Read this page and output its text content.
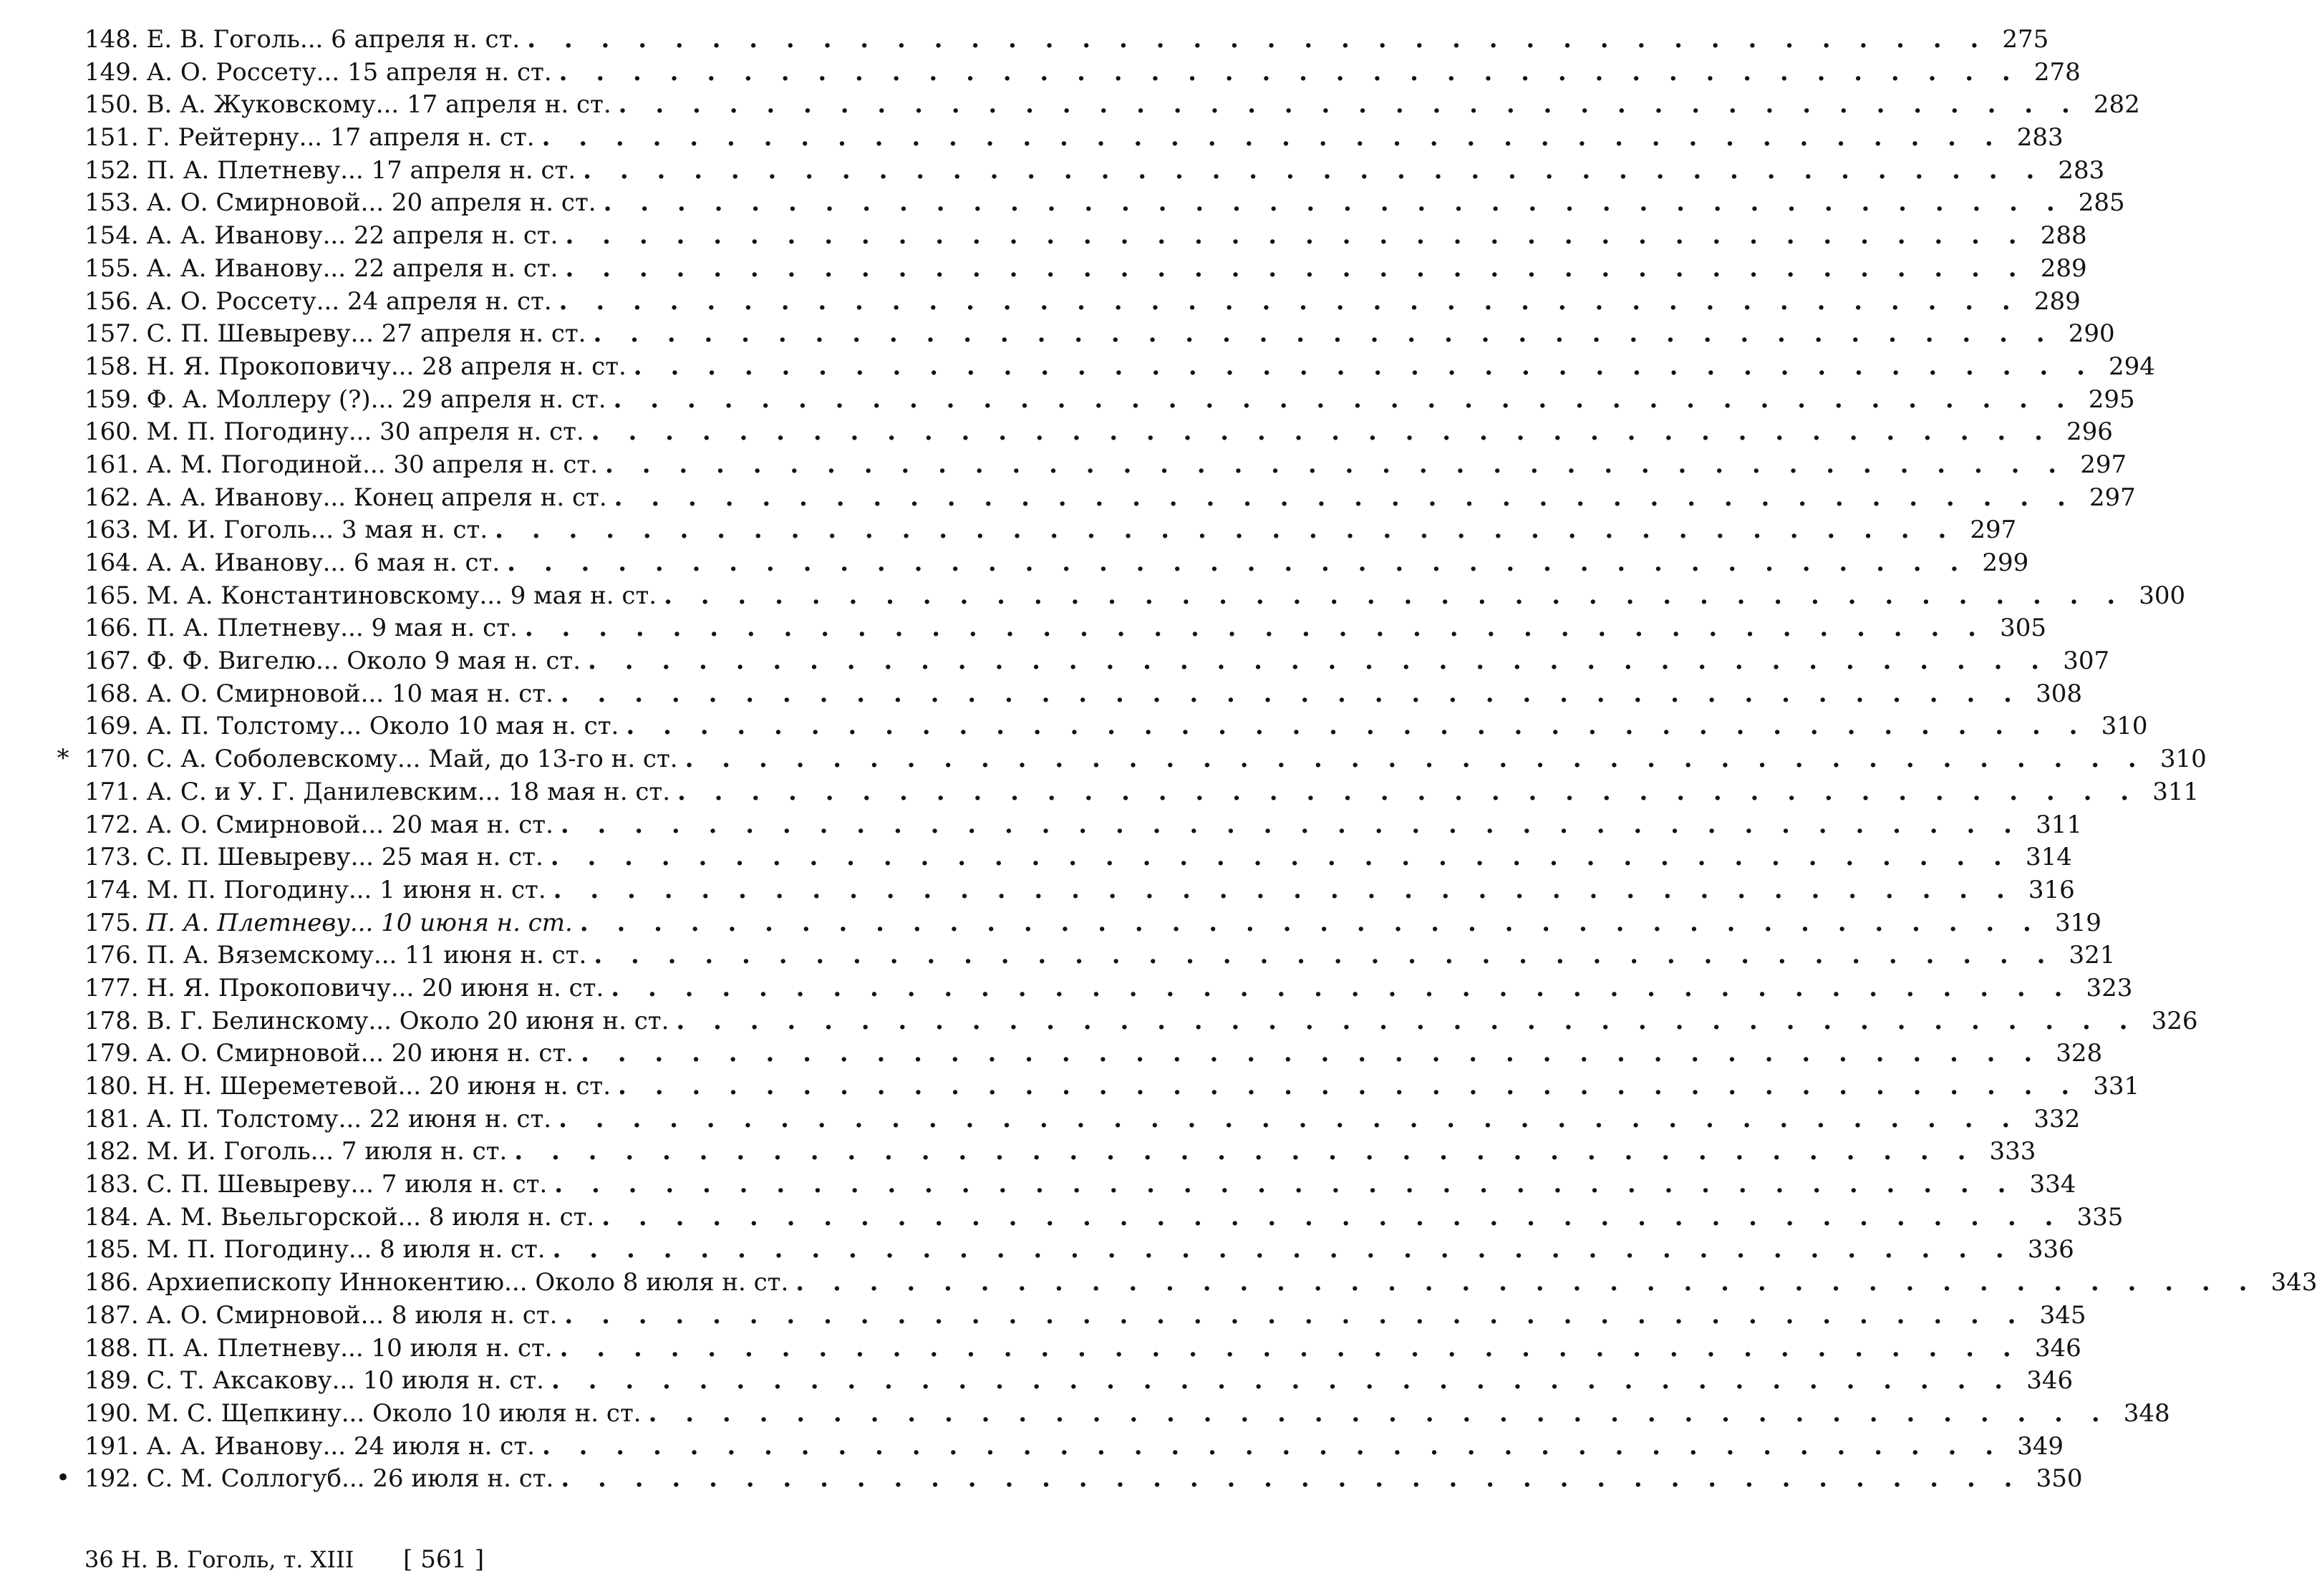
148.
Е. В. Гоголь... 6 апреля н. ст. . . . . . . . . . . . . . . . . . . . . . . . . . . . . . . . . . . . . . . . . 275
149.
А. О. Россету... 15 апреля н. ст. . . . . . . . . . . . . . . . . . . . . . . . . . . . . . . . . . . . . . . . . 278
150.
В. А. Жуковскому... 17 апреля н. ст. . . . . . . . . . . . . . . . . . . . . . . . . . . . . . . . . . . . . . . . . 282
151.
Г. Рейтерну... 17 апреля н. ст. . . . . . . . . . . . . . . . . . . . . . . . . . . . . . . . . . . . . . . . . 283
152.
П. А. Плетневу... 17 апреля н. ст. . . . . . . . . . . . . . . . . . . . . . . . . . . . . . . . . . . . . . . . . 283
153.
А. О. Смирновой... 20 апреля н. ст. . . . . . . . . . . . . . . . . . . . . . . . . . . . . . . . . . . . . . . . . 285
154.
А. А. Иванову... 22 апреля н. ст. . . . . . . . . . . . . . . . . . . . . . . . . . . . . . . . . . . . . . . . . 288
155.
А. А. Иванову... 22 апреля н. ст. . . . . . . . . . . . . . . . . . . . . . . . . . . . . . . . . . . . . . . . . 289
156.
А. О. Россету... 24 апреля н. ст. . . . . . . . . . . . . . . . . . . . . . . . . . . . . . . . . . . . . . . . . 289
157.
С. П. Шевыреву... 27 апреля н. ст. . . . . . . . . . . . . . . . . . . . . . . . . . . . . . . . . . . . . . . . . 290
158.
Н. Я. Прокоповичу... 28 апреля н. ст. . . . . . . . . . . . . . . . . . . . . . . . . . . . . . . . . . . . . . . . . 294
159.
Ф. А. Моллеру (?)... 29 апреля н. ст. . . . . . . . . . . . . . . . . . . . . . . . . . . . . . . . . . . . . . . . . 295
160.
М. П. Погодину... 30 апреля н. ст. . . . . . . . . . . . . . . . . . . . . . . . . . . . . . . . . . . . . . . . . 296
161.
А. М. Погодиной... 30 апреля н. ст. . . . . . . . . . . . . . . . . . . . . . . . . . . . . . . . . . . . . . . . . 297
162.
А. А. Иванову... Конец апреля н. ст. . . . . . . . . . . . . . . . . . . . . . . . . . . . . . . . . . . . . . . . . 297
163.
М. И. Гоголь... 3 мая н. ст. . . . . . . . . . . . . . . . . . . . . . . . . . . . . . . . . . . . . . . . . 297
164.
А. А. Иванову... 6 мая н. ст. . . . . . . . . . . . . . . . . . . . . . . . . . . . . . . . . . . . . . . . . 299
165.
М. А. Константиновскому... 9 мая н. ст. . . . . . . . . . . . . . . . . . . . . . . . . . . . . . . . . . . . . . . . . 300
166.
П. А. Плетневу... 9 мая н. ст. . . . . . . . . . . . . . . . . . . . . . . . . . . . . . . . . . . . . . . . . 305
167.
Ф. Ф. Вигелю... Около 9 мая н. ст. . . . . . . . . . . . . . . . . . . . . . . . . . . . . . . . . . . . . . . . . 307
168.
А. О. Смирновой... 10 мая н. ст. . . . . . . . . . . . . . . . . . . . . . . . . . . . . . . . . . . . . . . . . 308
169.
А. П. Толстому... Около 10 мая н. ст. . . . . . . . . . . . . . . . . . . . . . . . . . . . . . . . . . . . . . . . . 310
* 170.
С. А. Соболевскому... Май, до 13-го н. ст. . . . . . . . . . . . . . . . . . . . . . . . . . . . . . . . . . . . . . . . . 310
171.
А. С. и У. Г. Данилевским... 18 мая н. ст. . . . . . . . . . . . . . . . . . . . . . . . . . . . . . . . . . . . . . . . . 311
172.
А. О. Смирновой... 20 мая н. ст. . . . . . . . . . . . . . . . . . . . . . . . . . . . . . . . . . . . . . . . . 311
173.
С. П. Шевыреву... 25 мая н. ст. . . . . . . . . . . . . . . . . . . . . . . . . . . . . . . . . . . . . . . . . 314
174.
М. П. Погодину... 1 июня н. ст. . . . . . . . . . . . . . . . . . . . . . . . . . . . . . . . . . . . . . . . . 316
175.
П. А. Плетневу... 10 июня н. ст. . . . . . . . . . . . . . . . . . . . . . . . . . . . . . . . . . . . . . . . . 319
176.
П. А. Вяземскому... 11 июня н. ст. . . . . . . . . . . . . . . . . . . . . . . . . . . . . . . . . . . . . . . . . 321
177.
Н. Я. Прокоповичу... 20 июня н. ст. . . . . . . . . . . . . . . . . . . . . . . . . . . . . . . . . . . . . . . . . 323
178.
В. Г. Белинскому... Около 20 июня н. ст. . . . . . . . . . . . . . . . . . . . . . . . . . . . . . . . . . . . . . . . . 326
179.
А. О. Смирновой... 20 июня н. ст. . . . . . . . . . . . . . . . . . . . . . . . . . . . . . . . . . . . . . . . . 328
180.
Н. Н. Шереметевой... 20 июня н. ст. . . . . . . . . . . . . . . . . . . . . . . . . . . . . . . . . . . . . . . . . 331
181.
А. П. Толстому... 22 июня н. ст. . . . . . . . . . . . . . . . . . . . . . . . . . . . . . . . . . . . . . . . . 332
182.
М. И. Гоголь... 7 июля н. ст. . . . . . . . . . . . . . . . . . . . . . . . . . . . . . . . . . . . . . . . . 333
183.
С. П. Шевыреву... 7 июля н. ст. . . . . . . . . . . . . . . . . . . . . . . . . . . . . . . . . . . . . . . . . 334
184.
А. М. Вьельгорской... 8 июля н. ст. . . . . . . . . . . . . . . . . . . . . . . . . . . . . . . . . . . . . . . . . 335
185.
М. П. Погодину... 8 июля н. ст. . . . . . . . . . . . . . . . . . . . . . . . . . . . . . . . . . . . . . . . . 336
186.
Архиепископу Иннокентию... Около 8 июля н. ст. . . . . . . . . . . . . . . . . . . . . . . . . . . . . . . . . . . . . . . . . 343
187.
А. О. Смирновой... 8 июля н. ст. . . . . . . . . . . . . . . . . . . . . . . . . . . . . . . . . . . . . . . . . 345
188.
П. А. Плетневу... 10 июля н. ст. . . . . . . . . . . . . . . . . . . . . . . . . . . . . . . . . . . . . . . . . 346
189.
С. Т. Аксакову... 10 июля н. ст. . . . . . . . . . . . . . . . . . . . . . . . . . . . . . . . . . . . . . . . . 346
190.
М. С. Щепкину... Около 10 июля н. ст. . . . . . . . . . . . . . . . . . . . . . . . . . . . . . . . . . . . . . . . . 348
191.
А. А. Иванову... 24 июля н. ст. . . . . . . . . . . . . . . . . . . . . . . . . . . . . . . . . . . . . . . . . 349
• 192.
С. М. Соллогуб... 26 июля н. ст. . . . . . . . . . . . . . . . . . . . . . . . . . . . . . . . . . . . . . . . . 350
36 Н. В. Гоголь, т. XIII [ 561 ]
